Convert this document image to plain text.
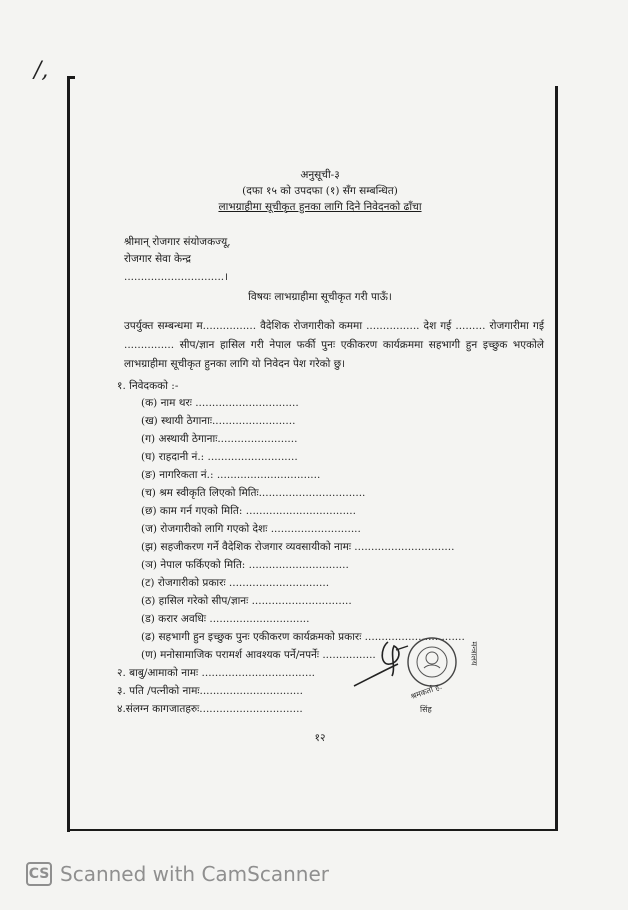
/,
अनुसूची-३
(दफा १५ को उपदफा (१) सँग सम्बन्धित)
लाभग्राहीमा सूचीकृत हुनका लागि दिने निवेदनको ढाँचा
श्रीमान् रोजगार संयोजकज्यू,
रोजगार सेवा केन्द्र
..............................।
विषयः लाभग्राहीमा सूचीकृत गरी पाऊँ।
उपर्युक्त सम्बन्धमा म................ वैदेशिक रोजगारीको कममा ................ देश गई ......... रोजगारीमा गई ............... सीप/ज्ञान हासिल गरी नेपाल फर्की पुनः एकीकरण कार्यक्रममा सहभागी हुन इच्छुक भएकोले लाभग्राहीमा सूचीकृत हुनका लागि यो निवेदन पेश गरेको छु।
१. निवेदकको :-
(क) नाम थरः ...............................
(ख) स्थायी ठेगानाः.........................
(ग) अस्थायी ठेगानाः........................
(घ) राहदानी नं.: ...........................
(ङ) नागरिकता नं.: ...............................
(च) श्रम स्वीकृति लिएको मितिः................................
(छ) काम गर्न गएको मिति: .................................
(ज) रोजगारीको लागि गएको देशः ...........................
(झ) सहजीकरण गर्ने वैदेशिक रोजगार व्यवसायीको नामः ..............................
(ञ) नेपाल फर्किएको मिति: ..............................
(ट) रोजगारीको प्रकारः ..............................
(ठ) हासिल गरेको सीप/ज्ञानः ..............................
(ड) करार अवधिः ..............................
(ढ) सहभागी हुन इच्छुक पुनः एकीकरण कार्यक्रमको प्रकारः ..............................
(ण) मनोसामाजिक परामर्श आवश्यक पर्ने/नपर्नेः ................
२. बाबु/आमाको नामः ..................................
३. पति /पत्नीको नामः...............................
४.संलग्न कागजातहरुः...............................
मन्त्रालय
श्रमकर्ता ह.
सिंह
१२
CS Scanned with CamScanner
